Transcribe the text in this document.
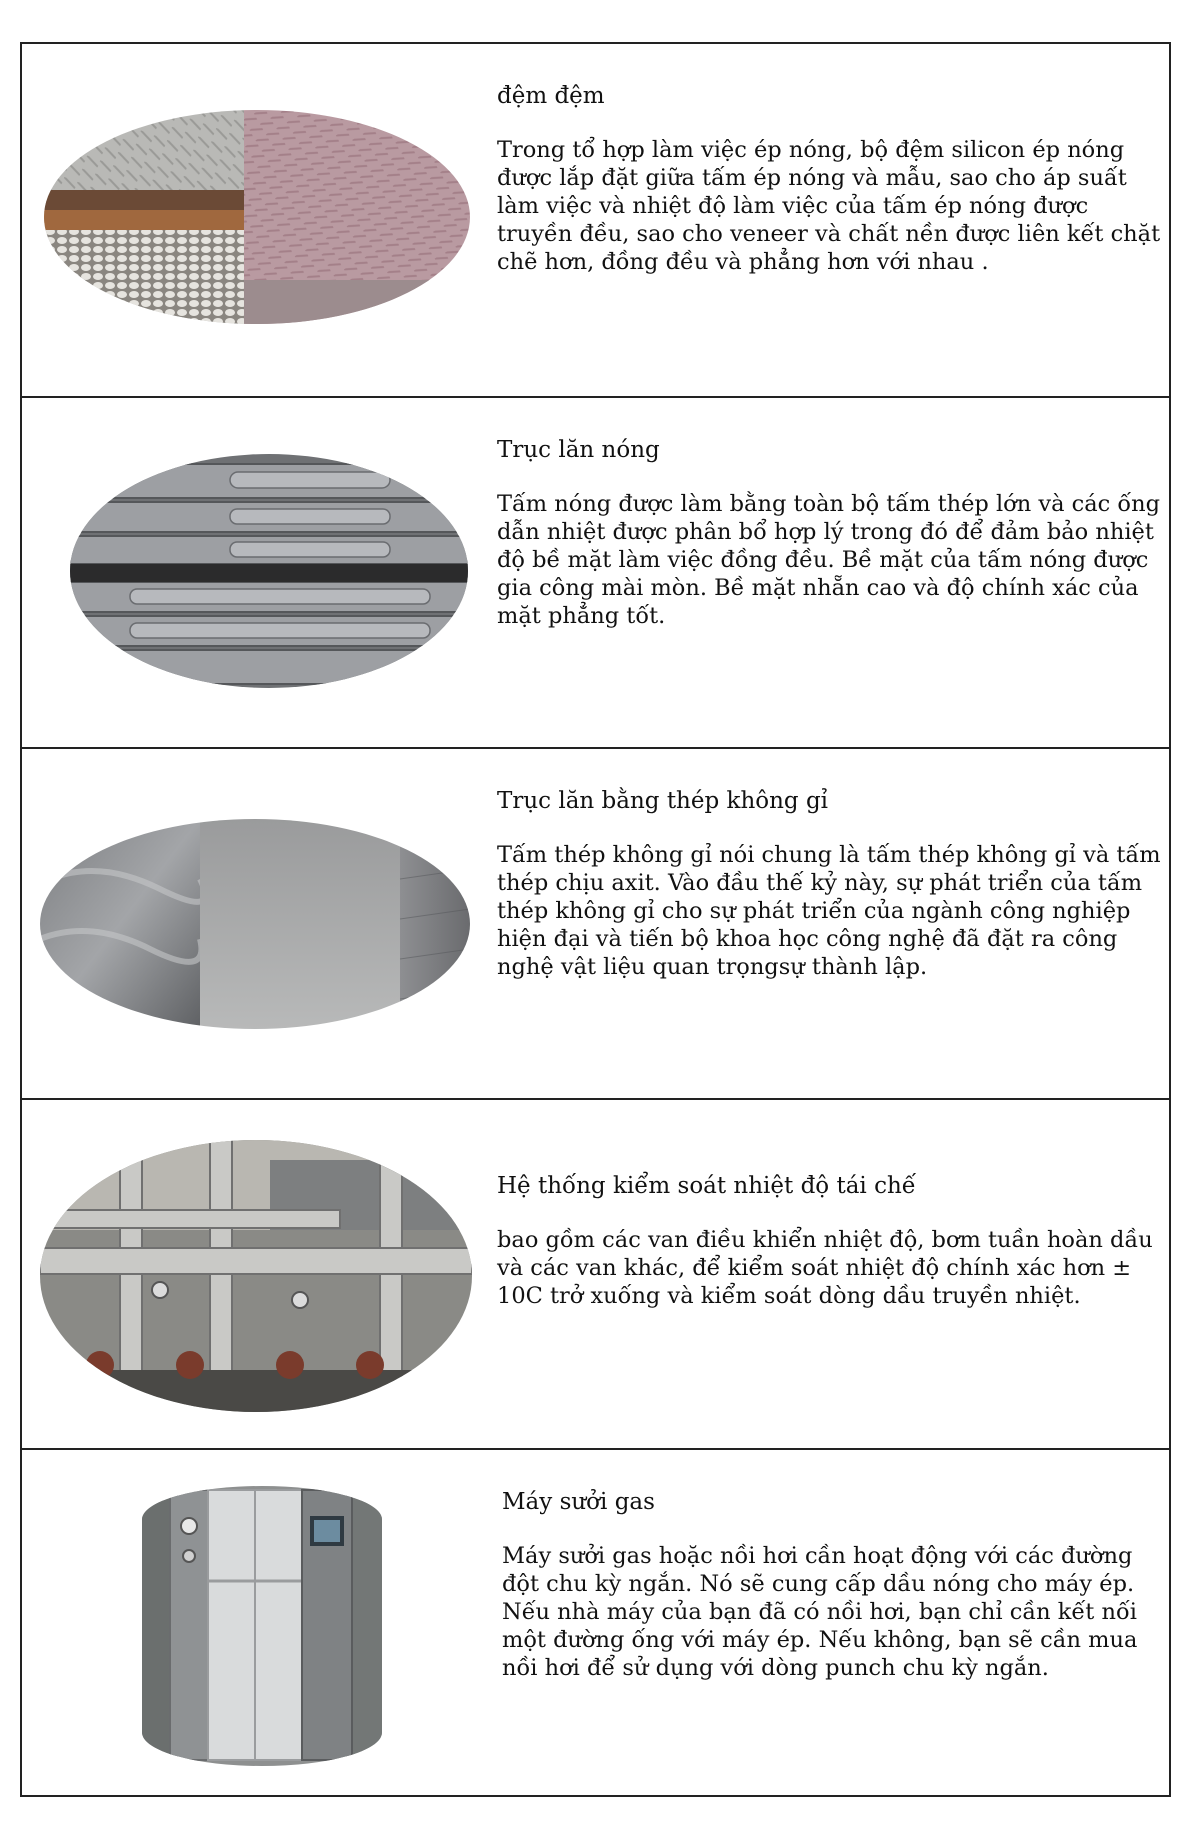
đệm đệm

Trong tổ hợp làm việc ép nóng, bộ đệm silicon ép nóng được lắp đặt giữa tấm ép nóng và mẫu, sao cho áp suất làm việc và nhiệt độ làm việc của tấm ép nóng được truyền đều, sao cho veneer và chất nền được liên kết chặt chẽ hơn, đồng đều và phẳng hơn với nhau .

Trục lăn nóng

Tấm nóng được làm bằng toàn bộ tấm thép lớn và các ống dẫn nhiệt được phân bổ hợp lý trong đó để đảm bảo nhiệt độ bề mặt làm việc đồng đều. Bề mặt của tấm nóng được gia công mài mòn. Bề mặt nhẵn cao và độ chính xác của mặt phẳng tốt.

Trục lăn bằng thép không gỉ

Tấm thép không gỉ nói chung là tấm thép không gỉ và tấm thép chịu axit. Vào đầu thế kỷ này, sự phát triển của tấm thép không gỉ cho sự phát triển của ngành công nghiệp hiện đại và tiến bộ khoa học công nghệ đã đặt ra công nghệ vật liệu quan trọngsự thành lập.

Hệ thống kiểm soát nhiệt độ tái chế

bao gồm các van điều khiển nhiệt độ, bơm tuần hoàn dầu và các van khác, để kiểm soát nhiệt độ chính xác hơn ± 10C trở xuống và kiểm soát dòng dầu truyền nhiệt.

Máy sưởi gas

Máy sưởi gas hoặc nồi hơi cần hoạt động với các đường đột chu kỳ ngắn. Nó sẽ cung cấp dầu nóng cho máy ép. Nếu nhà máy của bạn đã có nồi hơi, bạn chỉ cần kết nối một đường ống với máy ép. Nếu không, bạn sẽ cần mua nồi hơi để sử dụng với dòng punch chu kỳ ngắn.
